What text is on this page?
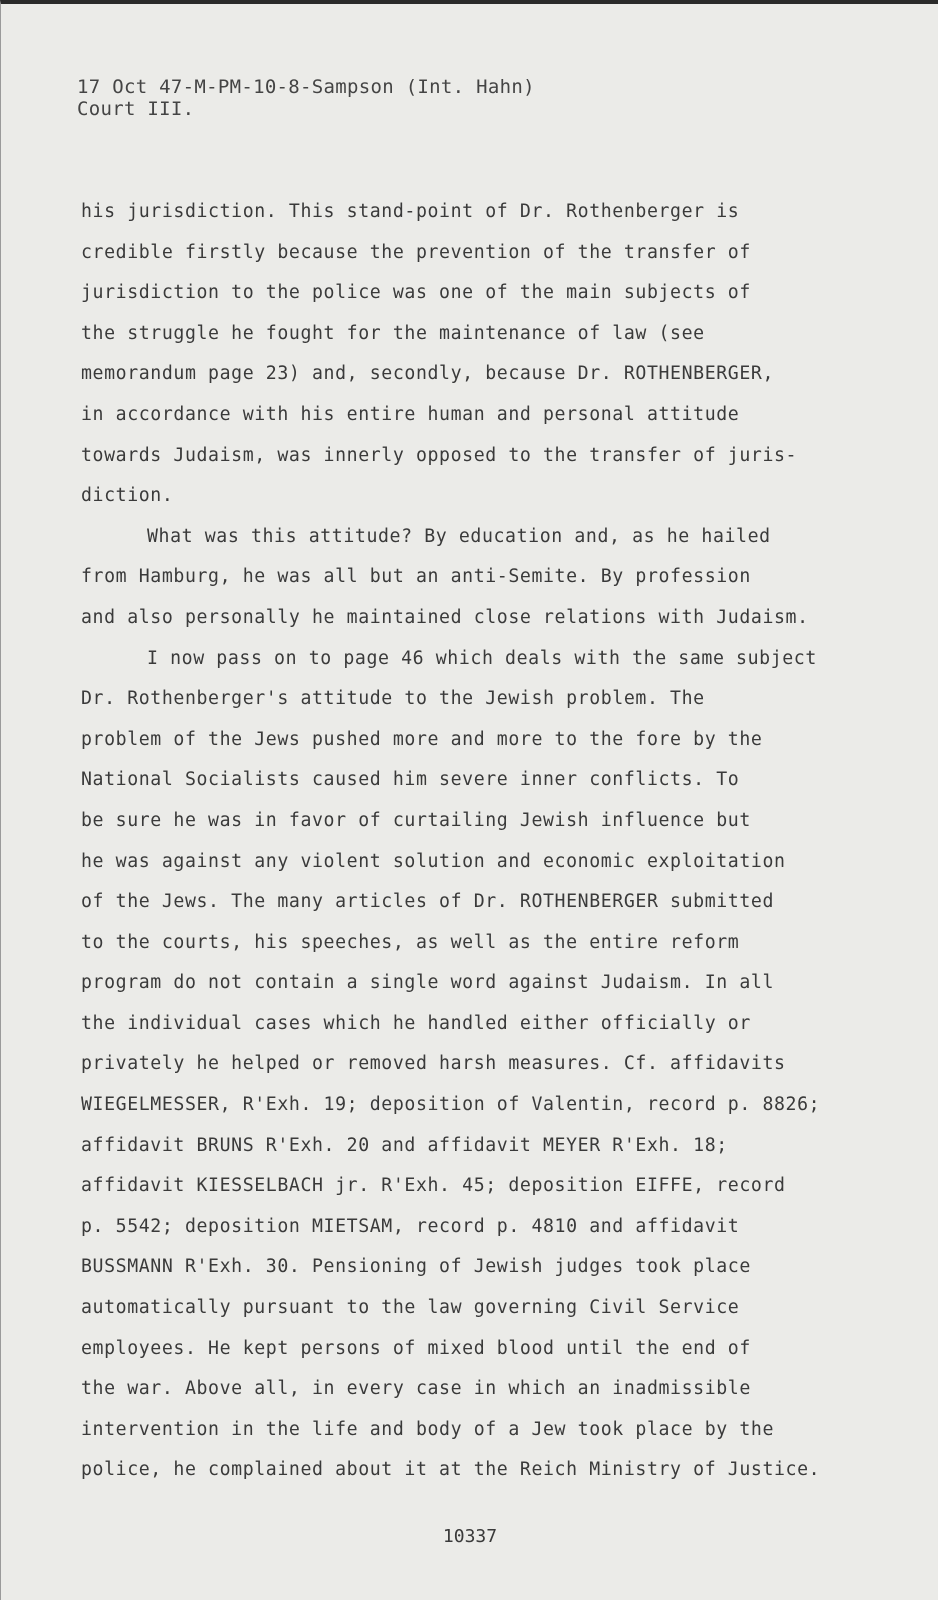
17 Oct 47-M-PM-10-8-Sampson (Int. Hahn)
Court III.
his jurisdiction. This stand-point of Dr. Rothenberger is
credible firstly because the prevention of the transfer of
jurisdiction to the police was one of the main subjects of
the struggle he fought for the maintenance of law (see
memorandum page 23) and, secondly, because Dr. ROTHENBERGER,
in accordance with his entire human and personal attitude
towards Judaism, was innerly opposed to the transfer of juris-
diction.
What was this attitude? By education and, as he hailed
from Hamburg, he was all but an anti-Semite. By profession
and also personally he maintained close relations with Judaism.
I now pass on to page 46 which deals with the same subject
Dr. Rothenberger's attitude to the Jewish problem. The
problem of the Jews pushed more and more to the fore by the
National Socialists caused him severe inner conflicts. To
be sure he was in favor of curtailing Jewish influence but
he was against any violent solution and economic exploitation
of the Jews. The many articles of Dr. ROTHENBERGER submitted
to the courts, his speeches, as well as the entire reform
program do not contain a single word against Judaism. In all
the individual cases which he handled either officially or
privately he helped or removed harsh measures. Cf. affidavits
WIEGELMESSER, R'Exh. 19; deposition of Valentin, record p. 8826;
affidavit BRUNS R'Exh. 20 and affidavit MEYER R'Exh. 18;
affidavit KIESSELBACH jr. R'Exh. 45; deposition EIFFE, record
p. 5542; deposition MIETSAM, record p. 4810 and affidavit
BUSSMANN R'Exh. 30. Pensioning of Jewish judges took place
automatically pursuant to the law governing Civil Service
employees. He kept persons of mixed blood until the end of
the war. Above all, in every case in which an inadmissible
intervention in the life and body of a Jew took place by the
police, he complained about it at the Reich Ministry of Justice.
10337
